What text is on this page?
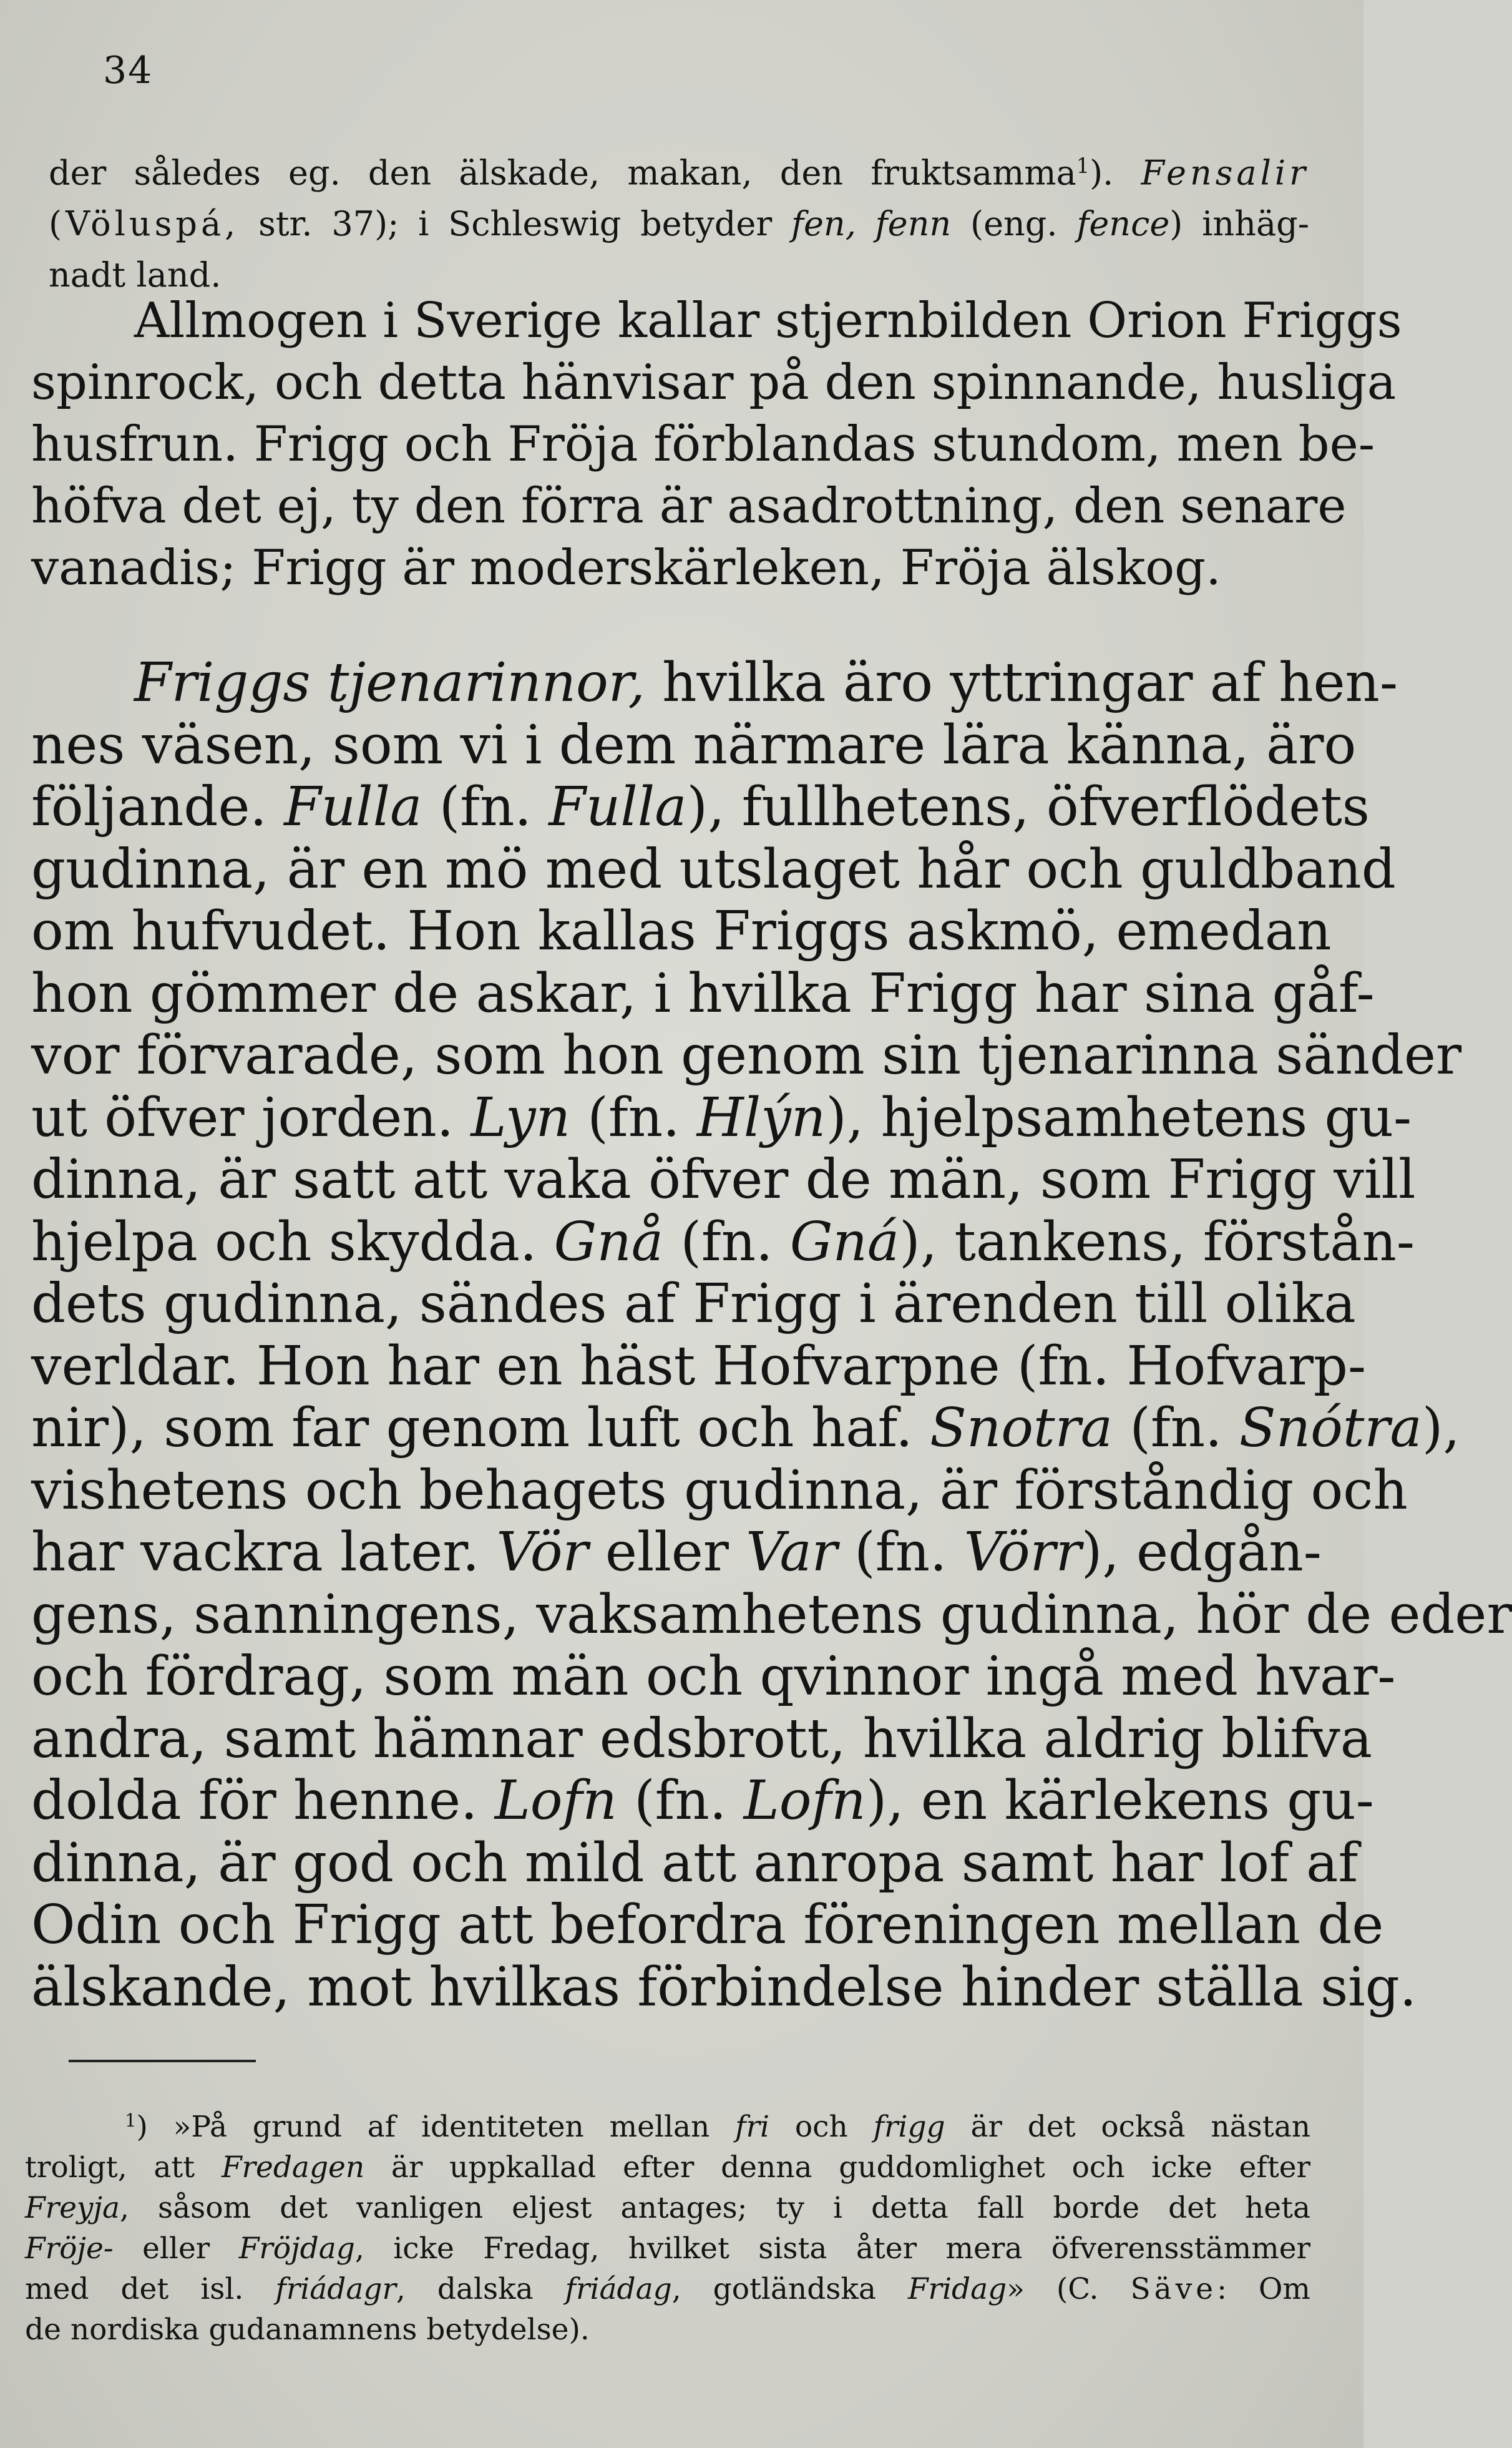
34
der således eg. den älskade, makan, den fruktsamma$^1$). Fensalir
(Völuspá, str. 37); i Schleswig betyder fen, fenn (eng. fence) inhäg-
nadt land.

Allmogen i Sverige kallar stjernbilden Orion Friggs
spinrock, och detta hänvisar på den spinnande, husliga
husfrun. Frigg och Fröja förblandas stundom, men be-
höfva det ej, ty den förra är asadrottning, den senare
vanadis; Frigg är moderskärleken, Fröja älskog.

Friggs tjenarinnor, hvilka äro yttringar af hen-
nes väsen, som vi i dem närmare lära känna, äro
följande. Fulla (fn. Fulla), fullhetens, öfverflödets
gudinna, är en mö med utslaget hår och guldband
om hufvudet. Hon kallas Friggs askmö, emedan
hon gömmer de askar, i hvilka Frigg har sina gåf-
vor förvarade, som hon genom sin tjenarinna sänder
ut öfver jorden. Lyn (fn. Hlýn), hjelpsamhetens gu-
dinna, är satt att vaka öfver de män, som Frigg vill
hjelpa och skydda. Gnå (fn. Gná), tankens, förstån-
dets gudinna, sändes af Frigg i ärenden till olika
verldar. Hon har en häst Hofvarpne (fn. Hofvarp-
nir), som far genom luft och haf. Snotra (fn. Snótra),
vishetens och behagets gudinna, är förståndig och
har vackra later. Vör eller Var (fn. Vörr), edgån-
gens, sanningens, vaksamhetens gudinna, hör de eder
och fördrag, som män och qvinnor ingå med hvar-
andra, samt hämnar edsbrott, hvilka aldrig blifva
dolda för henne. Lofn (fn. Lofn), en kärlekens gu-
dinna, är god och mild att anropa samt har lof af
Odin och Frigg att befordra föreningen mellan de
älskande, mot hvilkas förbindelse hinder ställa sig.

$^1$) »På grund af identiteten mellan fri och frigg är det också nästan
troligt, att Fredagen är uppkallad efter denna guddomlighet och icke efter
Freyja, såsom det vanligen eljest antages; ty i detta fall borde det heta
Fröje- eller Fröjdag, icke Fredag, hvilket sista åter mera öfverensstämmer
med det isl. friádagr, dalska friádag, gotländska Fridag» (C. Säve: Om
de nordiska gudanamnens betydelse).
